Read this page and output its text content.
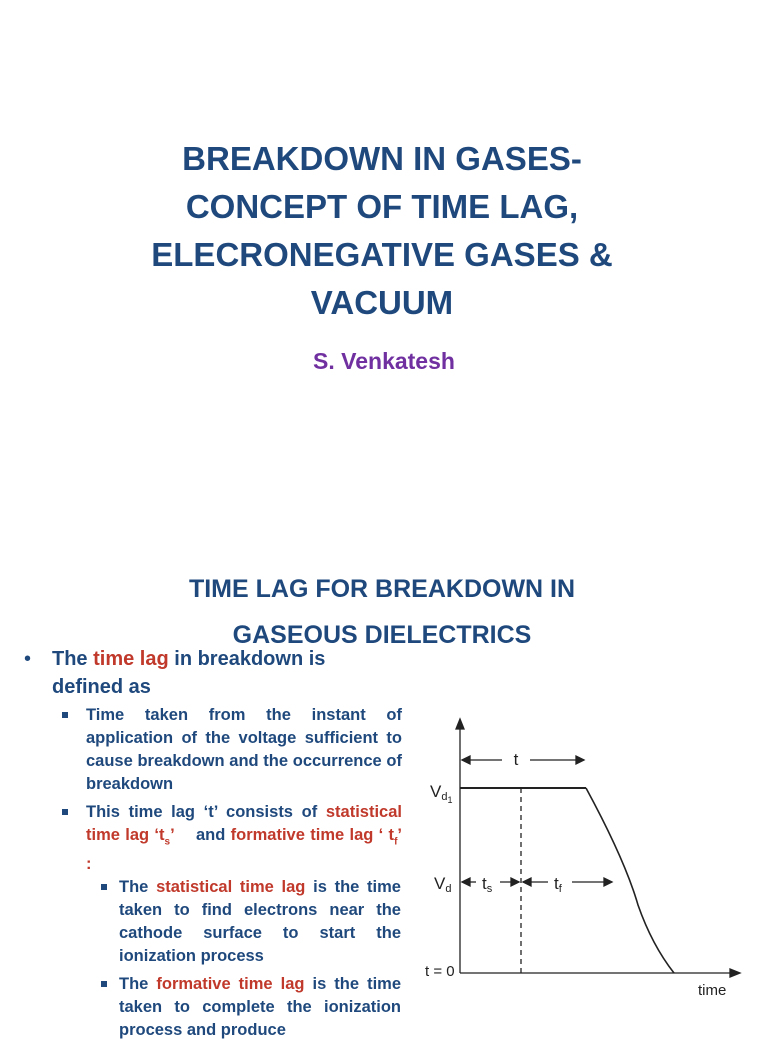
BREAKDOWN IN GASES-
CONCEPT OF TIME LAG,
ELECRONEGATIVE GASES &
VACUUM
S. Venkatesh
TIME LAG FOR BREAKDOWN IN
GASEOUS DIELECTRICS
• The time lag in breakdown is defined as
Time taken from the instant of application of the voltage sufficient to cause breakdown and the occurrence of breakdown
This time lag ‘t’ consists of statistical time lag ‘$t_s$’ and formative time lag ‘ $t_f$’ :
The statistical time lag is the time taken to find electrons near the cathode surface to start the ionization process
The formative time lag is the time taken to complete the ionization process and produce
t
Vd1
Vd ts	tf
t = 0
time
